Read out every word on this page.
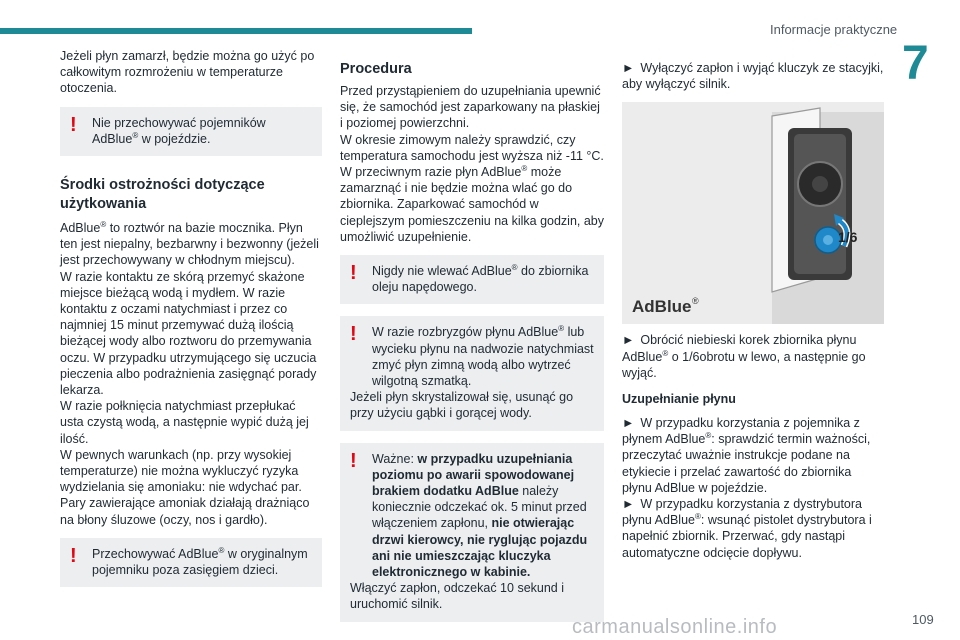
Informacje praktyczne
7

Jeżeli płyn zamarzł, będzie można go użyć po całkowitym rozmrożeniu w temperaturze otoczenia.

! Nie przechowywać pojemników AdBlue® w pojeździe.
Środki ostrożności dotyczące użytkowania

AdBlue® to roztwór na bazie mocznika. Płyn ten jest niepalny, bezbarwny i bezwonny (jeżeli jest przechowywany w chłodnym miejscu).

W razie kontaktu ze skórą przemyć skażone miejsce bieżącą wodą i mydłem. W razie kontaktu z oczami natychmiast i przez co najmniej 15 minut przemywać dużą ilością bieżącej wody albo roztworu do przemywania oczu. W przypadku utrzymującego się uczucia pieczenia albo podrażnienia zasięgnąć porady lekarza.

W razie połknięcia natychmiast przepłukać usta czystą wodą, a następnie wypić dużą jej ilość.

W pewnych warunkach (np. przy wysokiej temperaturze) nie można wykluczyć ryzyka wydzielania się amoniaku: nie wdychać par. Pary zawierające amoniak działają drażniąco na błony śluzowe (oczy, nos i gardło).

! Przechowywać AdBlue® w oryginalnym pojemniku poza zasięgiem dzieci.
Procedura

Przed przystąpieniem do uzupełniania upewnić się, że samochód jest zaparkowany na płaskiej i poziomej powierzchni.

W okresie zimowym należy sprawdzić, czy temperatura samochodu jest wyższa niż -11 °C. W przeciwnym razie płyn AdBlue® może zamarznąć i nie będzie można wlać go do zbiornika. Zaparkować samochód w cieplejszym pomieszczeniu na kilka godzin, aby umożliwić uzupełnienie.

! Nigdy nie wlewać AdBlue® do zbiornika oleju napędowego.
!	W razie rozbryzgów płynu AdBlue® lub wycieku płynu na nadwozie natychmiast zmyć płyn zimną wodą albo wytrzeć wilgotną szmatką.
Jeżeli płyn skrystalizował się, usunąć go przy użyciu gąbki i gorącej wody.
!	Ważne: w przypadku uzupełniania poziomu po awarii spowodowanej brakiem dodatku AdBlue należy koniecznie odczekać ok. 5 minut przed włączeniem zapłonu, nie otwierając drzwi kierowcy, nie ryglując pojazdu ani nie umieszczając kluczyka elektronicznego w kabinie.
Włączyć zapłon, odczekać 10 sekund i uruchomić silnik.

► Wyłączyć zapłon i wyjąć kluczyk ze stacyjki, aby wyłączyć silnik.

1/6
AdBlue ®

► Obrócić niebieski korek zbiornika płynu AdBlue® o 1/6obrotu w lewo, a następnie go wyjąć.

Uzupełnianie płynu

► W przypadku korzystania z pojemnika z płynem AdBlue®: sprawdzić termin ważności, przeczytać uważnie instrukcje podane na etykiecie i przelać zawartość do zbiornika płynu AdBlue w pojeździe.

► W przypadku korzystania z dystrybutora płynu AdBlue®: wsunąć pistolet dystrybutora i napełnić zbiornik. Przerwać, gdy nastąpi automatyczne odcięcie dopływu.

carmanualsonline.info	109
